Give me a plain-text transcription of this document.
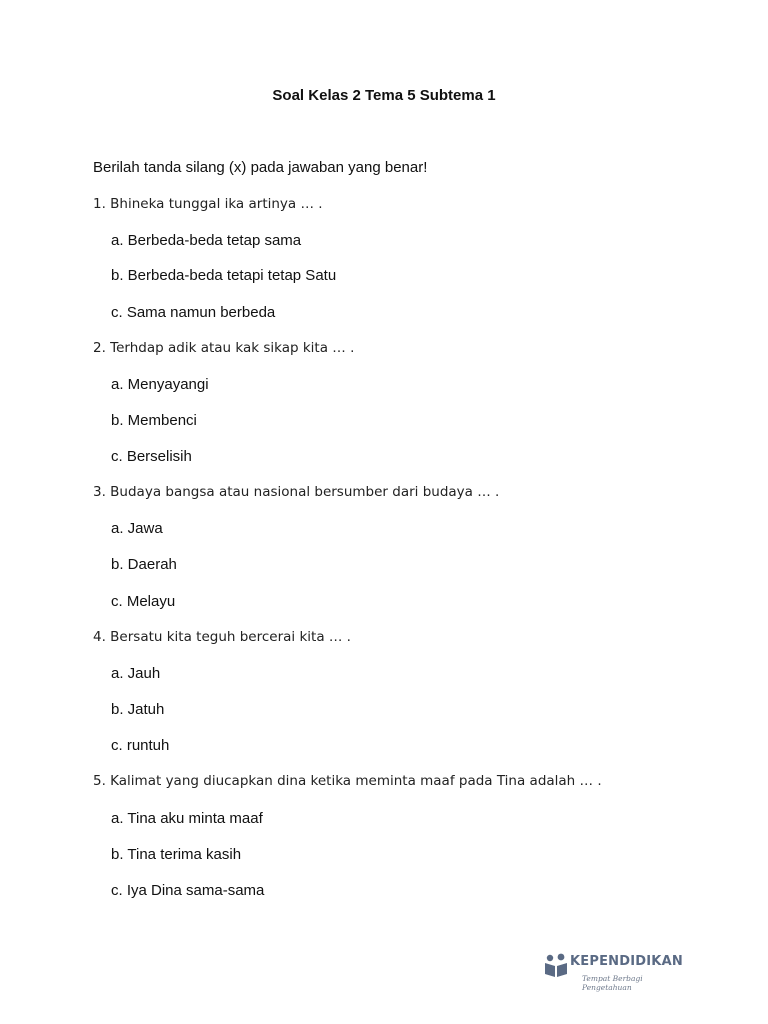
Soal Kelas 2 Tema 5 Subtema 1
Berilah tanda silang (x) pada jawaban yang benar!
1. Bhineka tunggal ika artinya … .
a. Berbeda-beda tetap sama
b. Berbeda-beda tetapi tetap Satu
c. Sama namun berbeda
2. Terhdap adik atau kak sikap kita … .
a. Menyayangi
b. Membenci
c. Berselisih
3. Budaya bangsa atau nasional bersumber dari budaya … .
a. Jawa
b. Daerah
c. Melayu
4. Bersatu kita teguh bercerai kita … .
a. Jauh
b. Jatuh
c. runtuh
5. Kalimat yang diucapkan dina ketika meminta maaf pada Tina adalah … .
a. Tina aku minta maaf
b. Tina terima kasih
c. Iya Dina sama-sama
KEPENDIDIKAN
Tempat Berbagi Pengetahuan
